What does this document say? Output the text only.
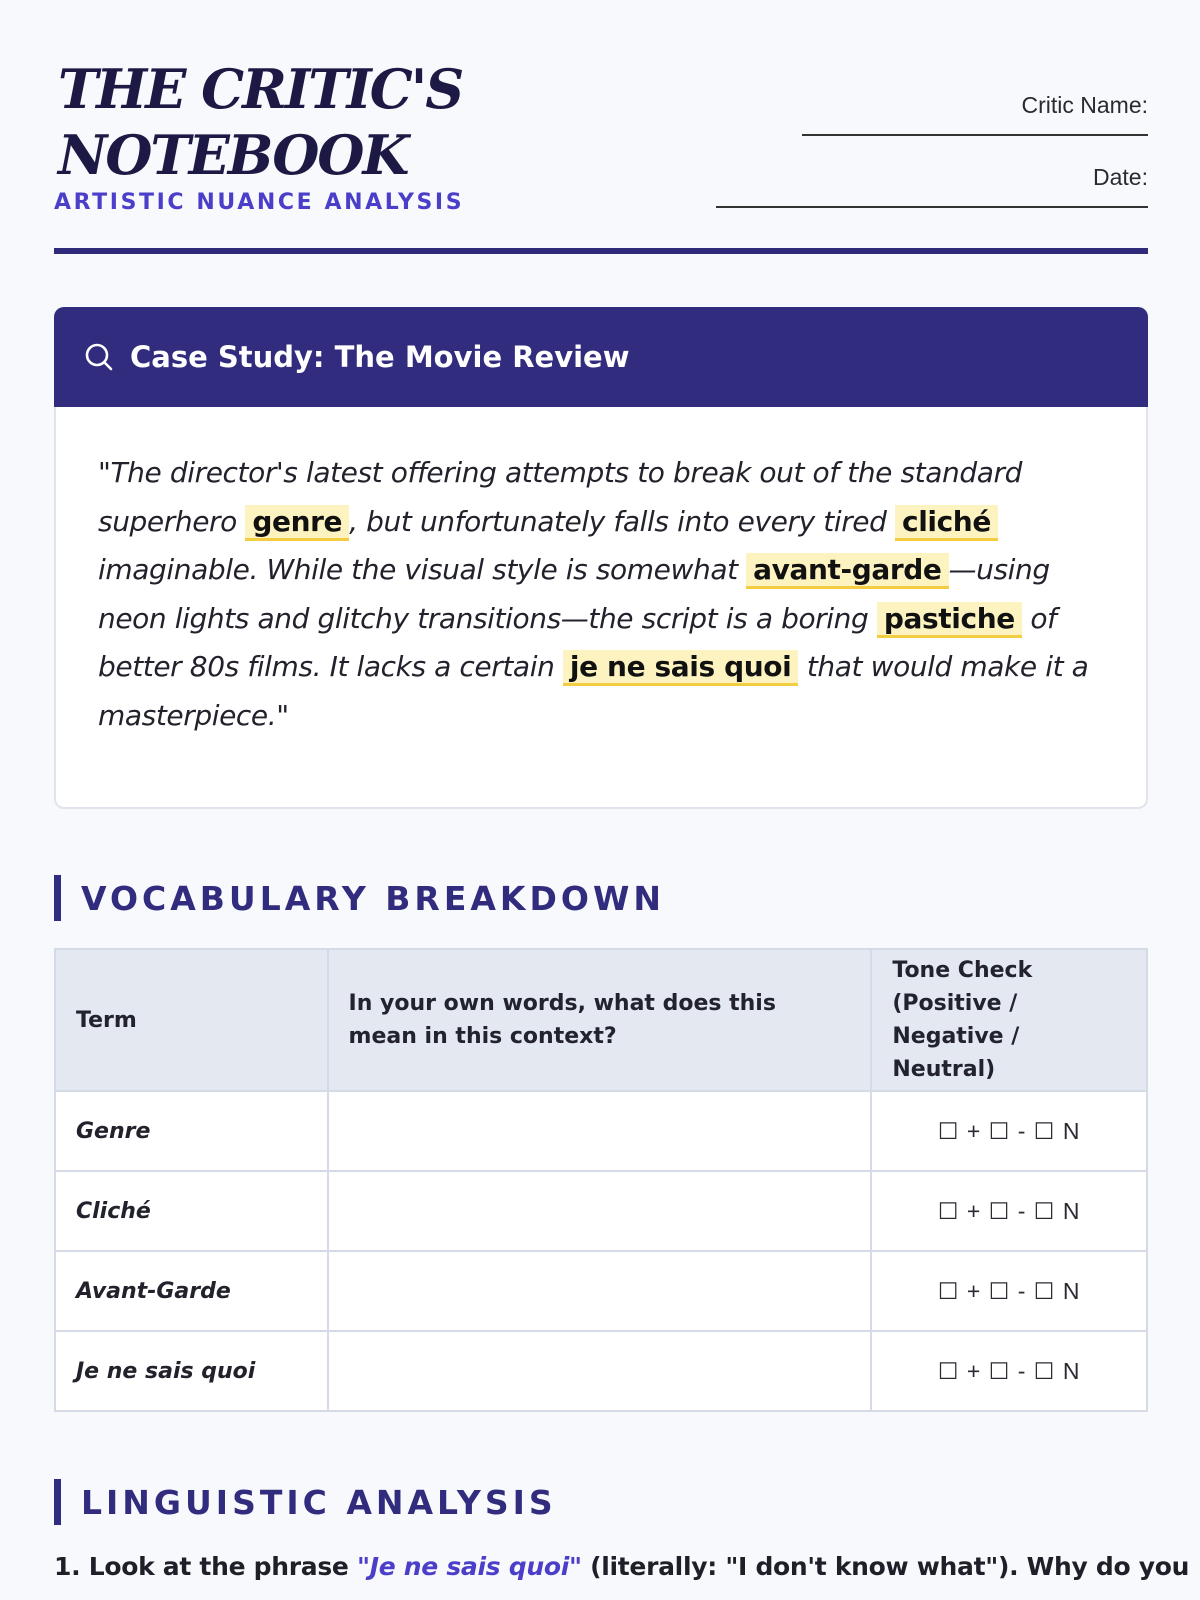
THE CRITIC'S
NOTEBOOK
ARTISTIC NUANCE ANALYSIS
Critic Name:
Date:
Case Study: The Movie Review

"The director's latest offering attempts to break out of the standard superhero genre , but unfortunately falls into every tired cliché imaginable. While the visual style is somewhat avant-garde —using neon lights and glitchy transitions—the script is a boring pastiche of better 80s films. It lacks a certain je ne sais quoi that would make it a masterpiece."

VOCABULARY BREAKDOWN
Term	In your own words, what does this mean in this context?	Tone Check (Positive / Negative / Neutral)
Genre		☐ + ☐ - ☐ N
Cliché		☐ + ☐ - ☐ N
Avant-Garde		☐ + ☐ - ☐ N
Je ne sais quoi		☐ + ☐ - ☐ N
LINGUISTIC ANALYSIS
1. Look at the phrase "Je ne sais quoi" (literally: "I don't know what"). Why do you
